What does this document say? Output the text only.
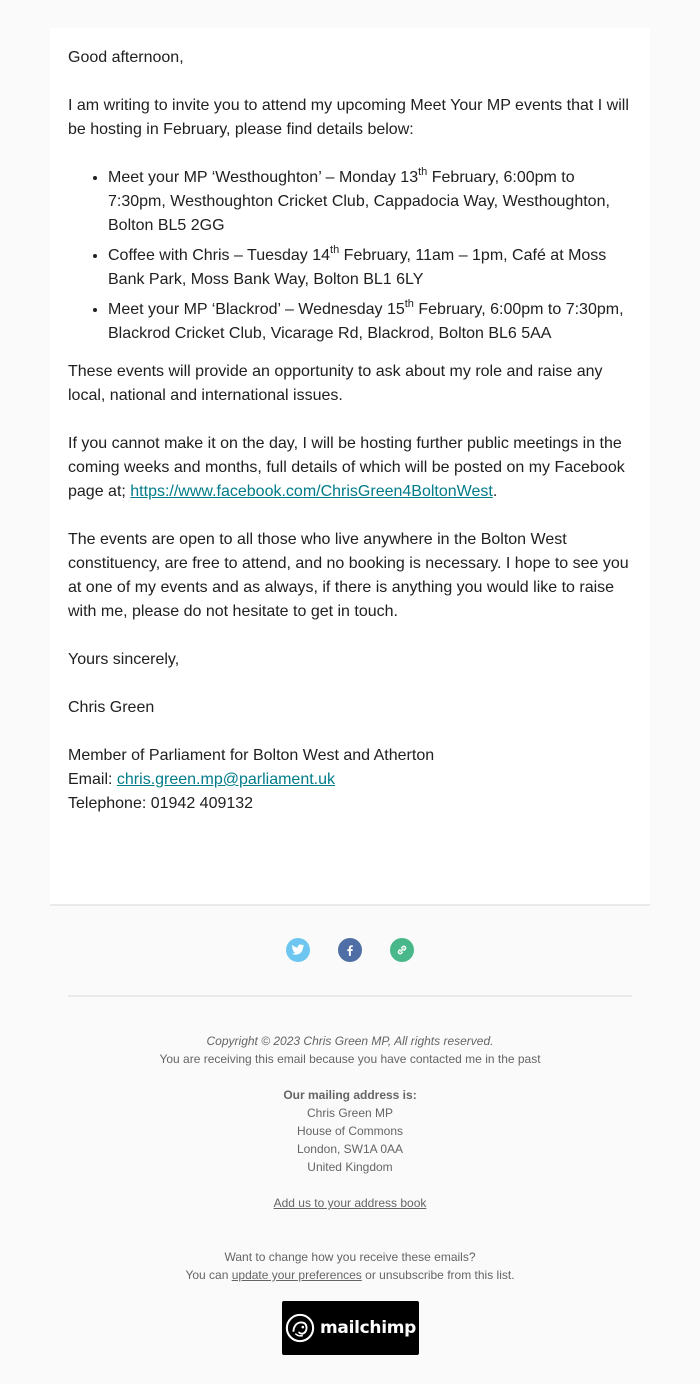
Good afternoon,

I am writing to invite you to attend my upcoming Meet Your MP events that I will be hosting in February, please find details below:

• Meet your MP ‘Westhoughton’ – Monday 13th February, 6:00pm to 7:30pm, Westhoughton Cricket Club, Cappadocia Way, Westhoughton, Bolton BL5 2GG
• Coffee with Chris – Tuesday 14th February, 11am – 1pm, Café at Moss Bank Park, Moss Bank Way, Bolton BL1 6LY
• Meet your MP ‘Blackrod’ – Wednesday 15th February, 6:00pm to 7:30pm, Blackrod Cricket Club, Vicarage Rd, Blackrod, Bolton BL6 5AA

These events will provide an opportunity to ask about my role and raise any local, national and international issues.

If you cannot make it on the day, I will be hosting further public meetings in the coming weeks and months, full details of which will be posted on my Facebook page at; https://www.facebook.com/ChrisGreen4BoltonWest.

The events are open to all those who live anywhere in the Bolton West constituency, are free to attend, and no booking is necessary. I hope to see you at one of my events and as always, if there is anything you would like to raise with me, please do not hesitate to get in touch.

Yours sincerely,

Chris Green

Member of Parliament for Bolton West and Atherton
Email: chris.green.mp@parliament.uk
Telephone: 01942 409132

Copyright © 2023 Chris Green MP, All rights reserved.
You are receiving this email because you have contacted me in the past
Our mailing address is:
Chris Green MP
House of Commons
London, SW1A 0AA
United Kingdom
Add us to your address book
Want to change how you receive these emails?
You can update your preferences or unsubscribe from this list.
mailchimp
